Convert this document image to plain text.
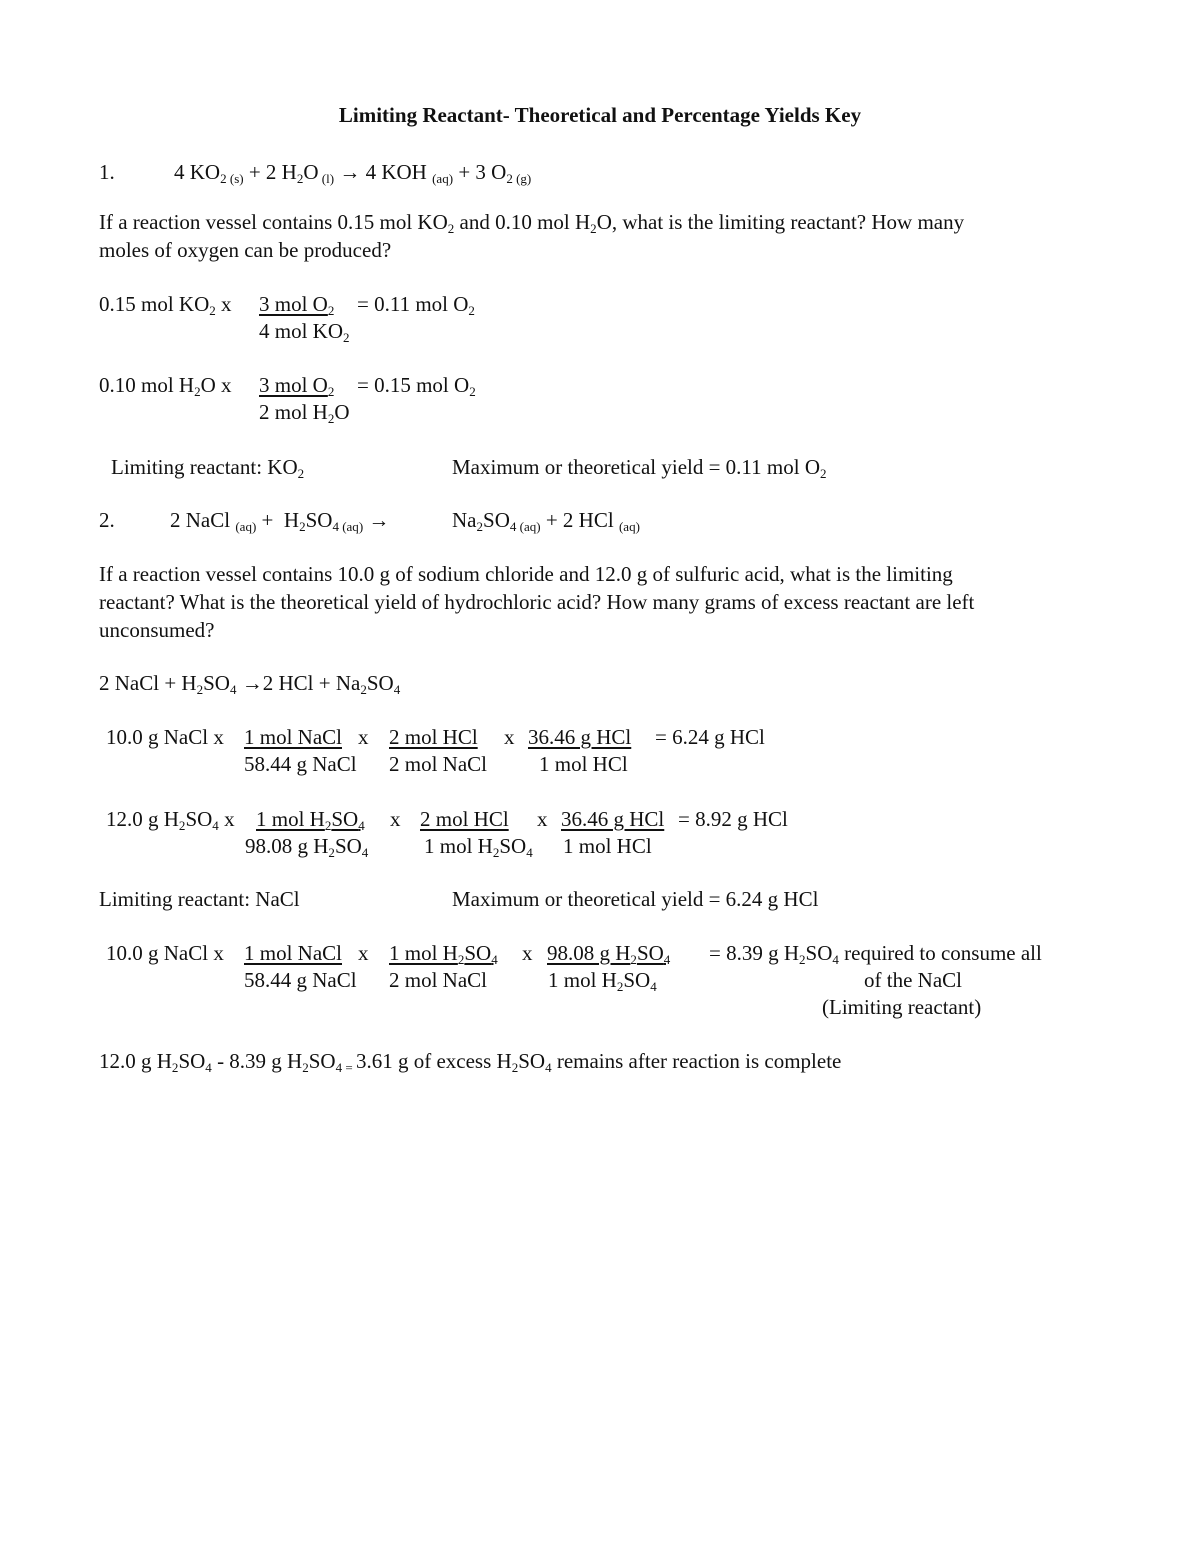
Limiting Reactant- Theoretical and Percentage Yields Key
1.	4 $KO_{2 (s)} + 2$ $H_2O$ $_{(l)}$ → 4 KOH $_{(aq)}$ + 3 $O_{2 (g)}$
If a reaction vessel contains 0.15 mol $KO_2$ and 0.10 mol $H_2O$, what is the limiting reactant? How many
moles of oxygen can be produced?
0.15 mol $KO_2$ x 3 mol $O_2 = 0.11$ mol $O_2$
4 mol $KO_2$
0.10 mol $H_2O$ x 3 mol $O_2 = 0.15$ mol $O_2$
2 mol $H_2O$
Limiting reactant: $KO_2$	Maximum or theoretical yield = 0.11 mol $O_2$
2.	2 NaCl $_{(aq)} + H_2SO_{4 (aq)}$ →	$Na_2SO_{4 (aq)} + 2$ HCl $_{(aq)}$
If a reaction vessel contains 10.0 g of sodium chloride and 12.0 g of sulfuric acid, what is the limiting
reactant? What is the theoretical yield of hydrochloric acid? How many grams of excess reactant are left
unconsumed?
2 NaCl + $H_2SO_4 \to 2$ HCl + $Na_2SO_4$
10.0 g NaCl x 1 mol NaCl x 2 mol HCl x 36.46 g HCl = 6.24 g HCl
58.44 g NaCl 2 mol NaCl 1 mol HCl
12.0 g $H_2SO_4$ x 1 mol $H_2SO_4$ x 2 mol HCl x 36.46 g HCl = 8.92 g HCl
98.08 g $H_2SO_4$	1 mol $H_2SO_4$ 1 mol HCl
Limiting reactant: NaCl	Maximum or theoretical yield = 6.24 g HCl
10.0 g NaCl x 1 mol NaCl x 1 mol $H_2SO_4$ x 98.08 g $H_2SO_4 = 8.39$ g $H_2SO_4$ required to consume all
58.44 g NaCl 2 mol NaCl	1 mol $H_2SO_4$	of the NaCl
(Limiting reactant)
12.0 g $H_2SO_4 - 8.39$ g $H_2SO_{4 =}$ 3.61 g of excess $H_2SO_4$ remains after reaction is complete
